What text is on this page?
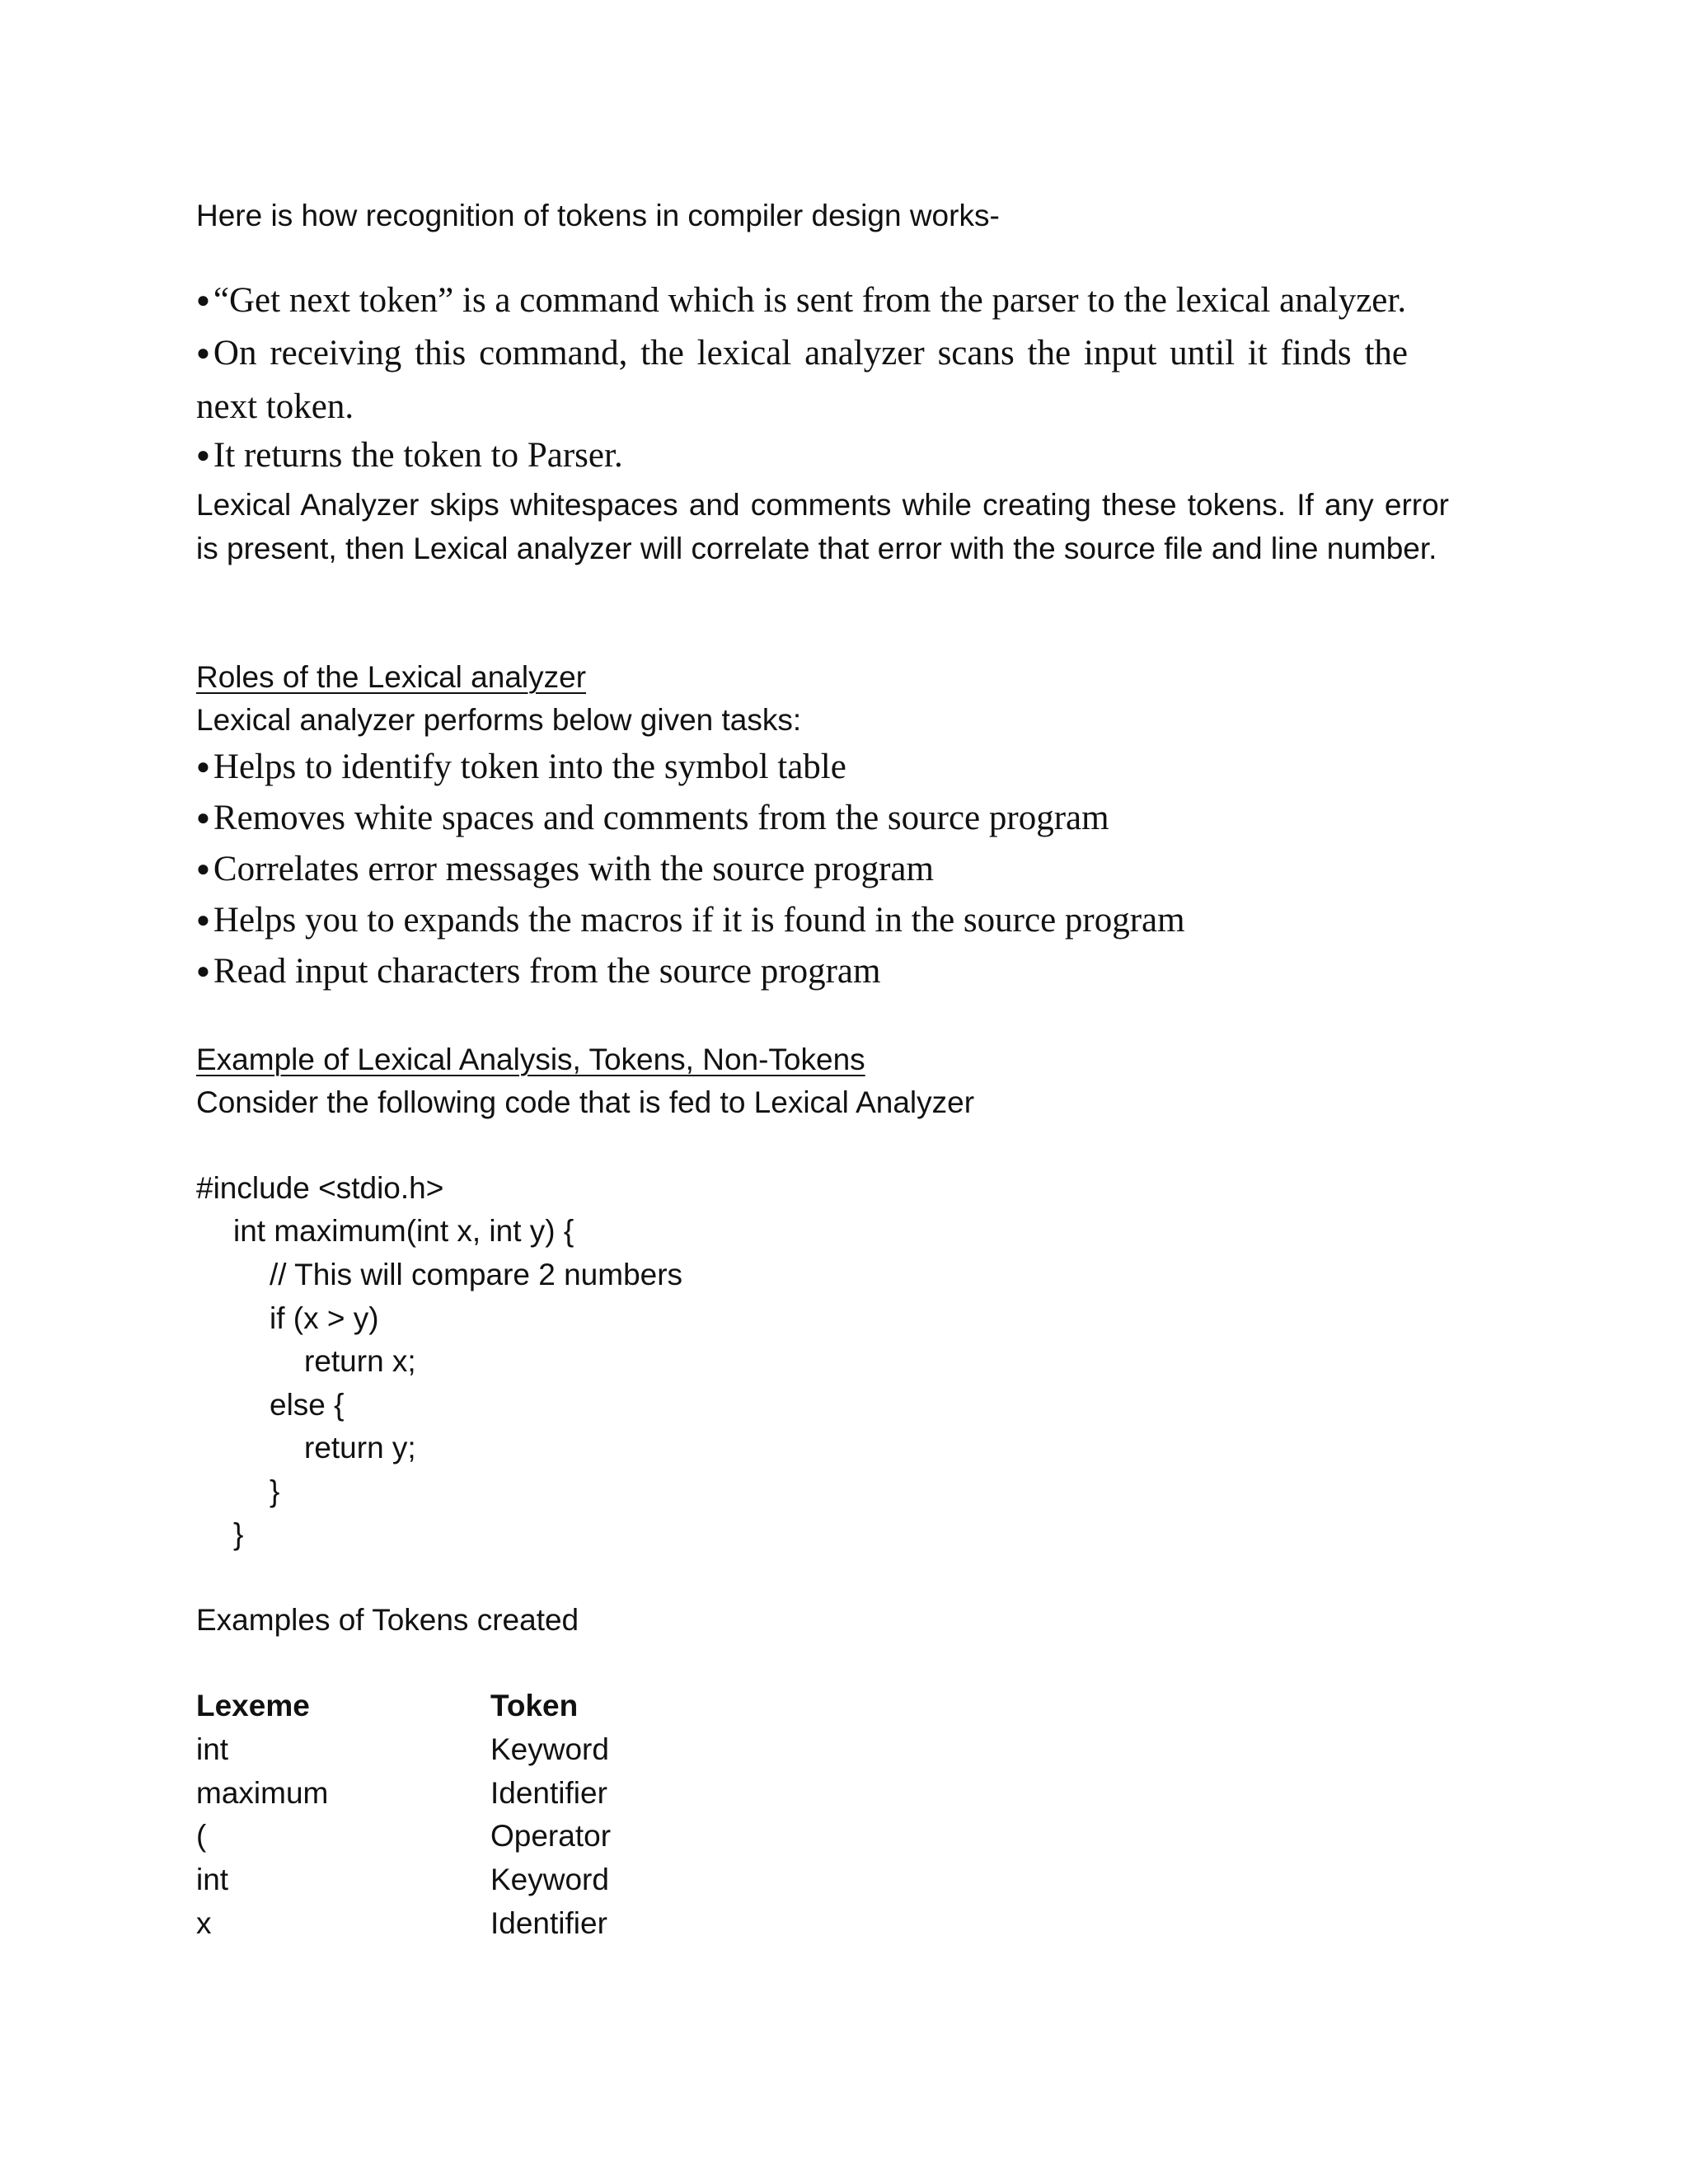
Here is how recognition of tokens in compiler design works-
●“Get next token” is a command which is sent from the parser to the lexical analyzer.
●On receiving this command, the lexical analyzer scans the input until it finds the next token.
●It returns the token to Parser.
Lexical Analyzer skips whitespaces and comments while creating these tokens. If any error is present, then Lexical analyzer will correlate that error with the source file and line number.
Roles of the Lexical analyzer
Lexical analyzer performs below given tasks:
●Helps to identify token into the symbol table
●Removes white spaces and comments from the source program
●Correlates error messages with the source program
●Helps you to expands the macros if it is found in the source program
●Read input characters from the source program
Example of Lexical Analysis, Tokens, Non-Tokens
Consider the following code that is fed to Lexical Analyzer
#include <stdio.h>
int maximum(int x, int y) {
// This will compare 2 numbers
if (x > y)
return x;
else {
return y;
}
}
Examples of Tokens created
Lexeme	Token
int	Keyword
maximum	Identifier
(	Operator
int	Keyword
x	Identifier
